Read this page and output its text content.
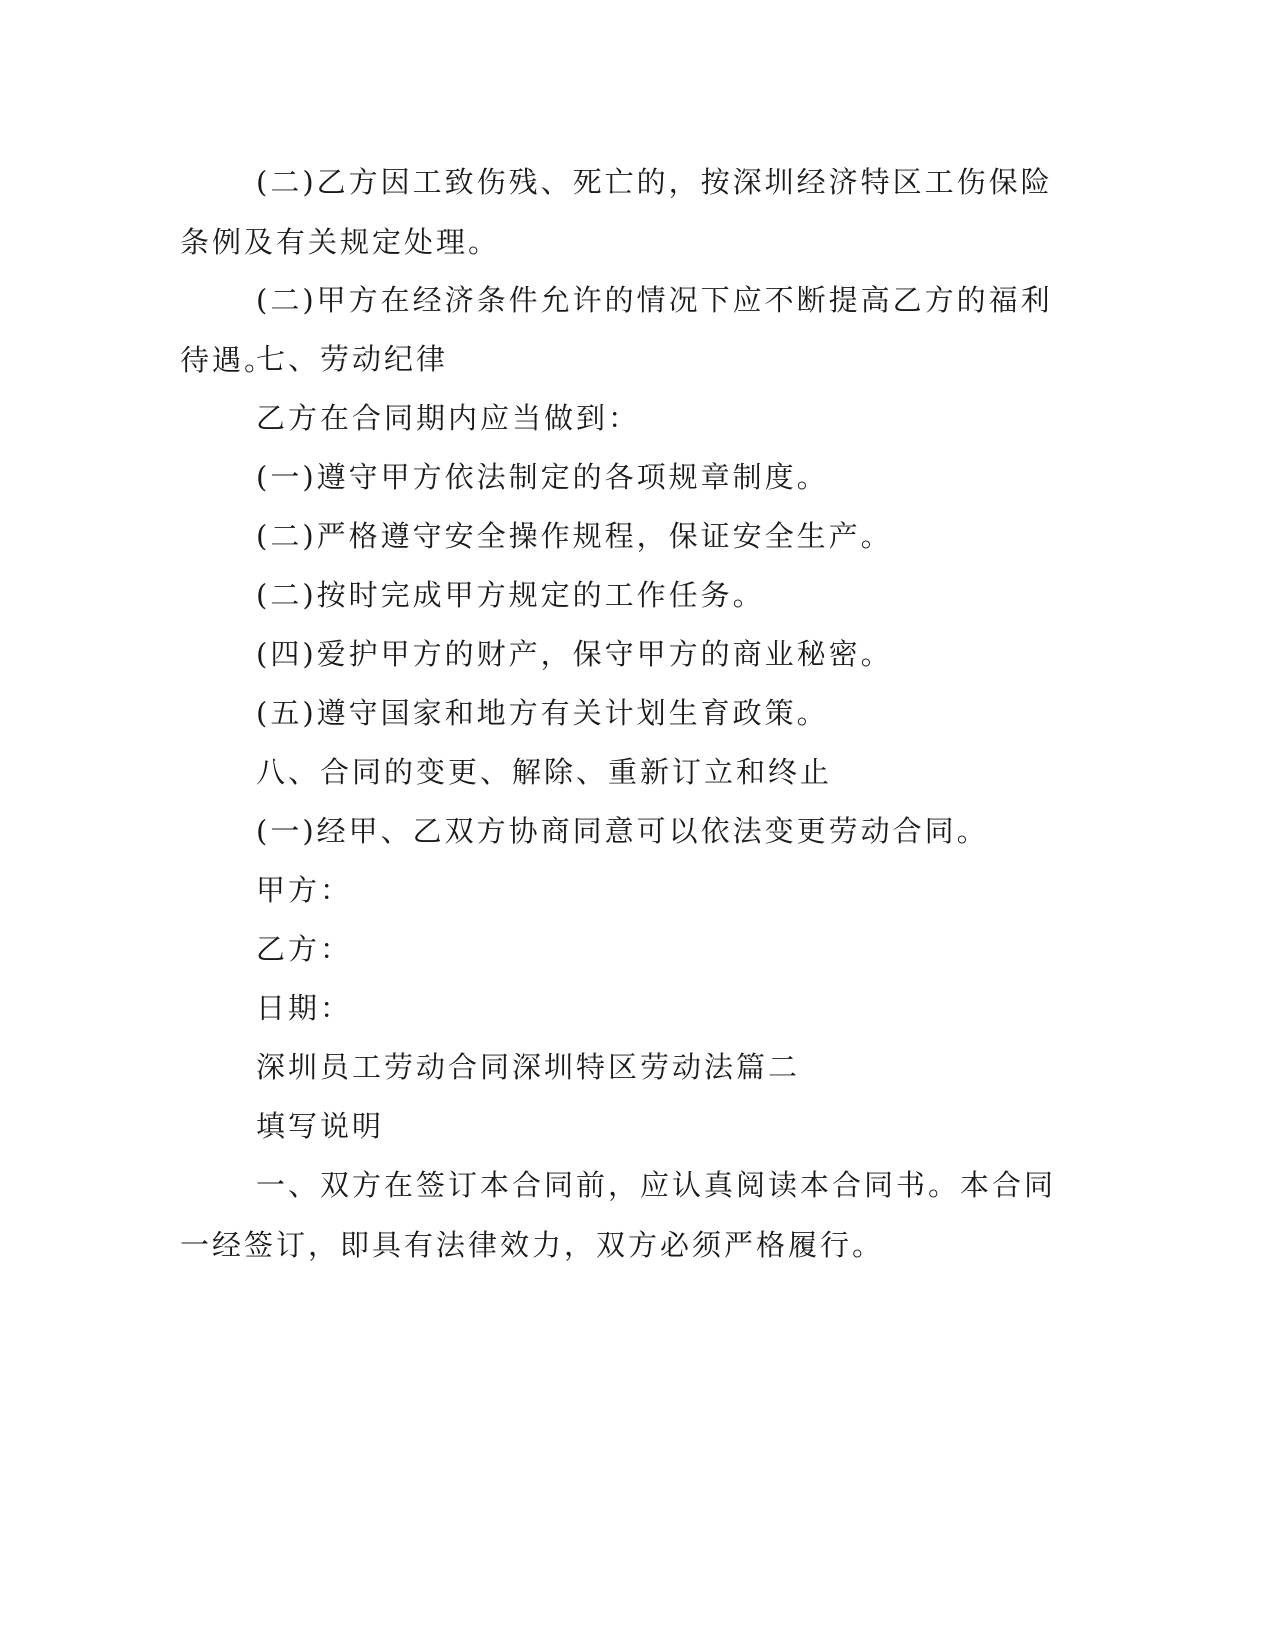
(二)乙方因工致伤残、死亡的，按深圳经济特区工伤保险条例及有关规定处理。

(二)甲方在经济条件允许的情况下应不断提高乙方的福利待遇。

七、劳动纪律

乙方在合同期内应当做到：

(一)遵守甲方依法制定的各项规章制度。

(二)严格遵守安全操作规程，保证安全生产。

(二)按时完成甲方规定的工作任务。

(四)爱护甲方的财产，保守甲方的商业秘密。

(五)遵守国家和地方有关计划生育政策。

八、合同的变更、解除、重新订立和终止

(一)经甲、乙双方协商同意可以依法变更劳动合同。

甲方：

乙方：

日期：

深圳员工劳动合同深圳特区劳动法篇二

填写说明

一、双方在签订本合同前，应认真阅读本合同书。本合同一经签订，即具有法律效力，双方必须严格履行。
